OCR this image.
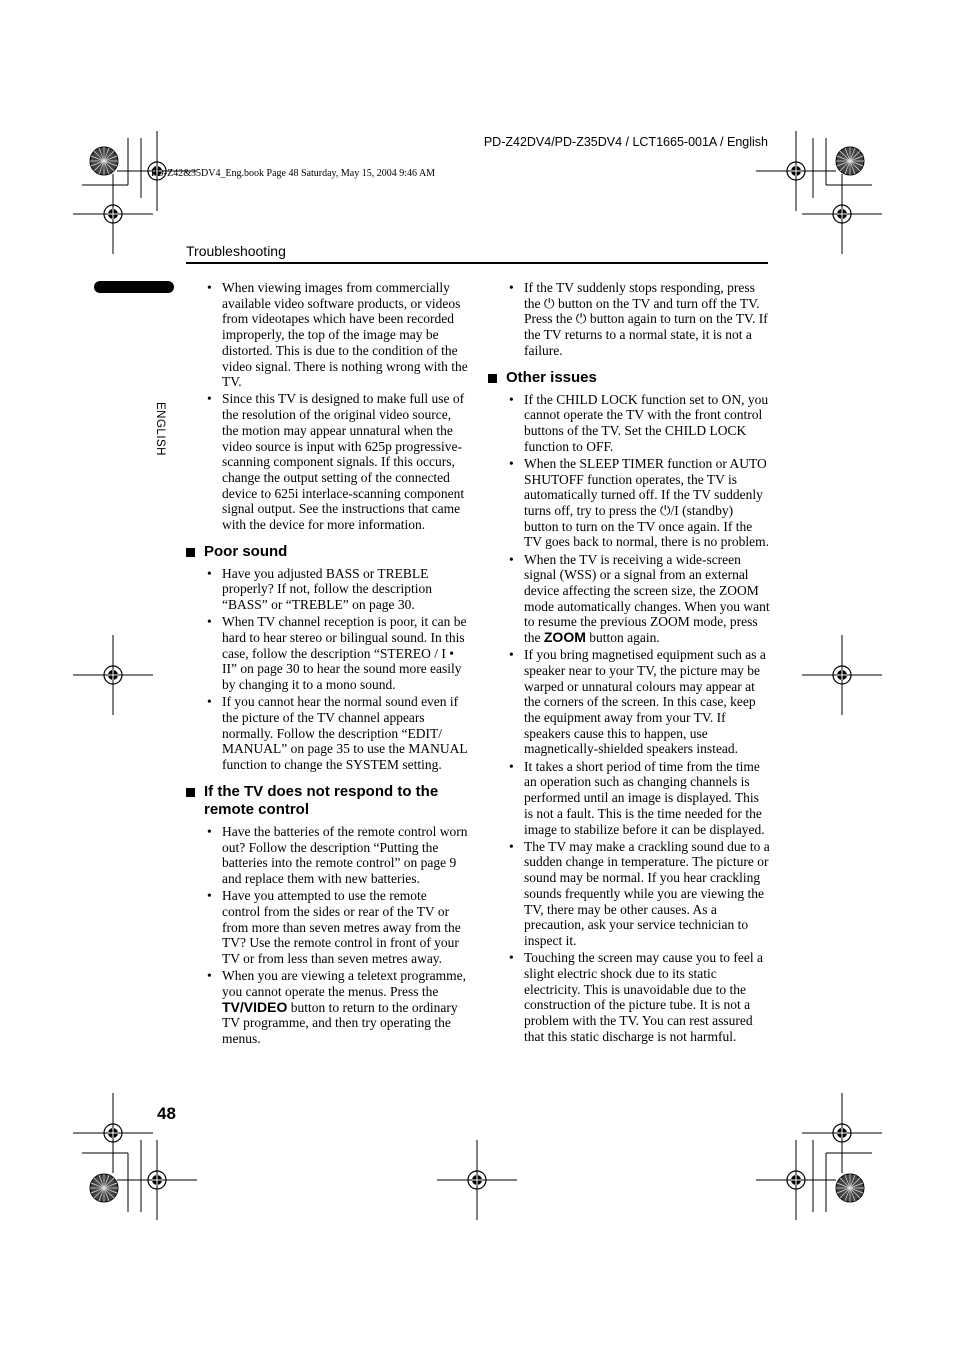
PD-Z42DV4/PD-Z35DV4 / LCT1665-001A / English
PD-Z42&35DV4_Eng.book Page 48 Saturday, May 15, 2004 9:46 AM
Troubleshooting
ENGLISH
48
• When viewing images from commercially available video software products, or videos from videotapes which have been recorded improperly, the top of the image may be distorted. This is due to the condition of the video signal. There is nothing wrong with the TV.
• Since this TV is designed to make full use of the resolution of the original video source, the motion may appear unnatural when the video source is input with 625p progressive-scanning component signals. If this occurs, change the output setting of the connected device to 625i interlace-scanning component signal output. See the instructions that came with the device for more information.
Poor sound
• Have you adjusted BASS or TREBLE properly? If not, follow the description “BASS” or “TREBLE” on page 30.
• When TV channel reception is poor, it can be hard to hear stereo or bilingual sound. In this case, follow the description “STEREO / I • II” on page 30 to hear the sound more easily by changing it to a mono sound.
• If you cannot hear the normal sound even if the picture of the TV channel appears normally. Follow the description “EDIT/ MANUAL” on page 35 to use the MANUAL function to change the SYSTEM setting.
If the TV does not respond to the remote control
• Have the batteries of the remote control worn out? Follow the description “Putting the batteries into the remote control” on page 9 and replace them with new batteries.
• Have you attempted to use the remote control from the sides or rear of the TV or from more than seven metres away from the TV? Use the remote control in front of your TV or from less than seven metres away.
• When you are viewing a teletext programme, you cannot operate the menus. Press the TV/VIDEO button to return to the ordinary TV programme, and then try operating the menus.
• If the TV suddenly stops responding, press the ⏻ button on the TV and turn off the TV. Press the ⏻ button again to turn on the TV. If the TV returns to a normal state, it is not a failure.
Other issues
• If the CHILD LOCK function set to ON, you cannot operate the TV with the front control buttons of the TV. Set the CHILD LOCK function to OFF.
• When the SLEEP TIMER function or AUTO SHUTOFF function operates, the TV is automatically turned off. If the TV suddenly turns off, try to press the ⏻/I (standby) button to turn on the TV once again. If the TV goes back to normal, there is no problem.
• When the TV is receiving a wide-screen signal (WSS) or a signal from an external device affecting the screen size, the ZOOM mode automatically changes. When you want to resume the previous ZOOM mode, press the ZOOM button again.
• If you bring magnetised equipment such as a speaker near to your TV, the picture may be warped or unnatural colours may appear at the corners of the screen. In this case, keep the equipment away from your TV. If speakers cause this to happen, use magnetically-shielded speakers instead.
• It takes a short period of time from the time an operation such as changing channels is performed until an image is displayed. This is not a fault. This is the time needed for the image to stabilize before it can be displayed.
• The TV may make a crackling sound due to a sudden change in temperature. The picture or sound may be normal. If you hear crackling sounds frequently while you are viewing the TV, there may be other causes. As a precaution, ask your service technician to inspect it.
• Touching the screen may cause you to feel a slight electric shock due to its static electricity. This is unavoidable due to the construction of the picture tube. It is not a problem with the TV. You can rest assured that this static discharge is not harmful.
